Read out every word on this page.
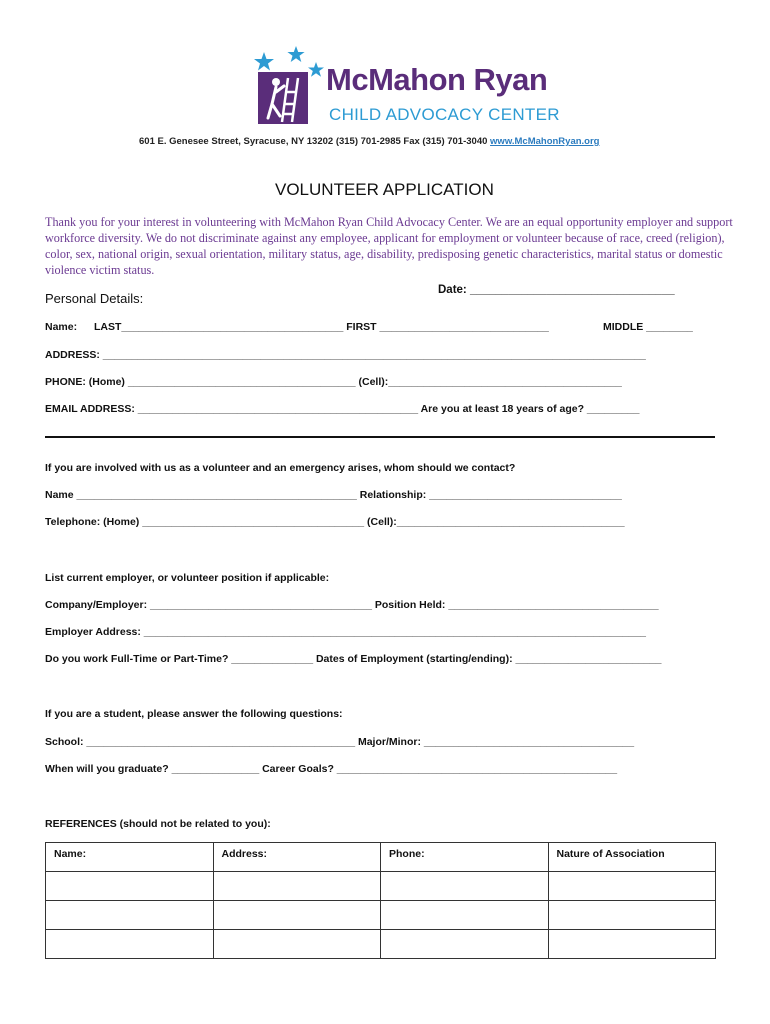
McMahon Ryan
CHILD ADVOCACY CENTER
601 E. Genesee Street, Syracuse, NY 13202 (315) 701-2985 Fax (315) 701-3040 www.McMahonRyan.org
VOLUNTEER APPLICATION
Thank you for your interest in volunteering with McMahon Ryan Child Advocacy Center. We are an equal opportunity employer and support workforce diversity. We do not discriminate against any employee, applicant for employment or volunteer because of race, creed (religion), color, sex, national origin, sexual orientation, military status, age, disability, predisposing genetic characteristics, marital status or domestic violence victim status.
Personal Details:
Date: ________________________________
Name: LAST______________________________________ FIRST _____________________________	MIDDLE ________
ADDRESS: _____________________________________________________________________________________________
PHONE: (Home) _______________________________________ (Cell):________________________________________
EMAIL ADDRESS: ________________________________________________ Are you at least 18 years of age? _________
If you are involved with us as a volunteer and an emergency arises, whom should we contact?
Name ________________________________________________ Relationship: _________________________________
Telephone: (Home) ______________________________________ (Cell):_______________________________________
List current employer, or volunteer position if applicable:
Company/Employer: ______________________________________ Position Held: ____________________________________
Employer Address: ______________________________________________________________________________________
Do you work Full-Time or Part-Time? ______________ Dates of Employment (starting/ending): _________________________
If you are a student, please answer the following questions:
School: ______________________________________________ Major/Minor: ____________________________________
When will you graduate? _______________ Career Goals? ________________________________________________
REFERENCES (should not be related to you):
Name:	Address:	Phone:	Nature of Association
